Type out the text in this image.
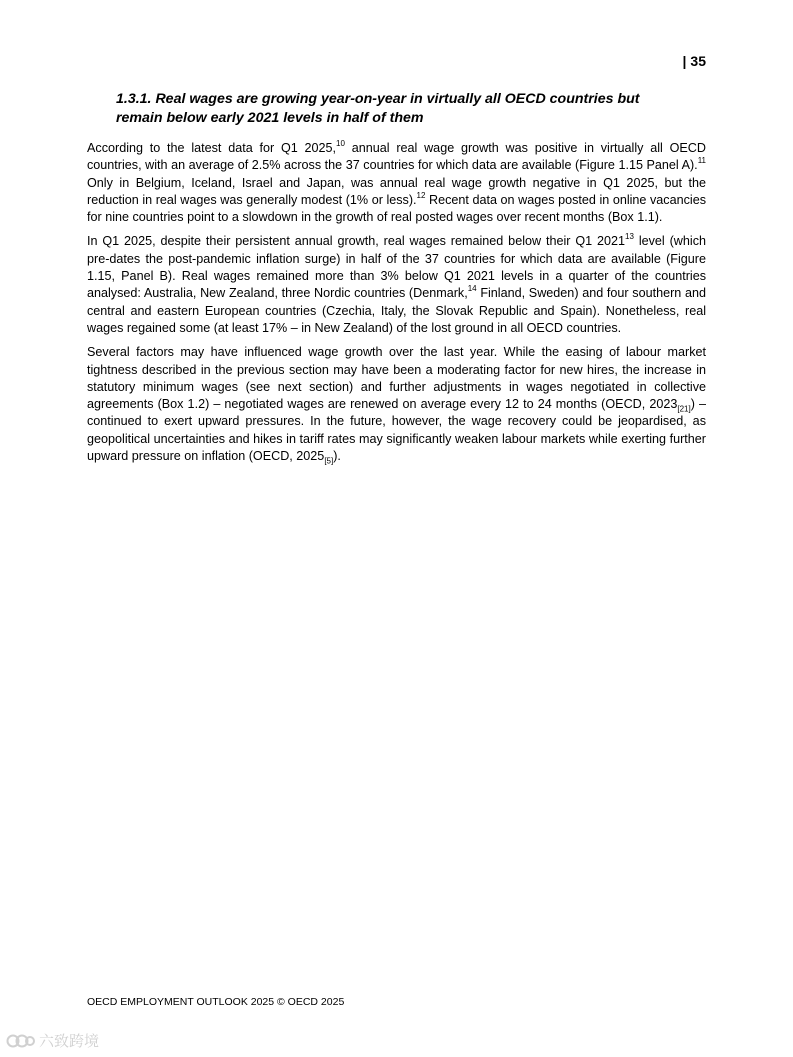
| 35
1.3.1. Real wages are growing year-on-year in virtually all OECD countries but remain below early 2021 levels in half of them

According to the latest data for Q1 2025,10 annual real wage growth was positive in virtually all OECD countries, with an average of 2.5% across the 37 countries for which data are available (Figure 1.15 Panel A).$^{11}$ Only in Belgium, Iceland, Israel and Japan, was annual real wage growth negative in Q1 2025, but the reduction in real wages was generally modest (1% or less).$^{12}$ Recent data on wages posted in online vacancies for nine countries point to a slowdown in the growth of real posted wages over recent months (Box 1.1).

In Q1 2025, despite their persistent annual growth, real wages remained below their Q1 2021$^{13}$ level (which pre-dates the post-pandemic inflation surge) in half of the 37 countries for which data are available (Figure 1.15, Panel B). Real wages remained more than 3% below Q1 2021 levels in a quarter of the countries analysed: Australia, New Zealand, three Nordic countries (Denmark,$^{14}$ Finland, Sweden) and four southern and central and eastern European countries (Czechia, Italy, the Slovak Republic and Spain). Nonetheless, real wages regained some (at least 17% – in New Zealand) of the lost ground in all OECD countries.

Several factors may have influenced wage growth over the last year. While the easing of labour market tightness described in the previous section may have been a moderating factor for new hires, the increase in statutory minimum wages (see next section) and further adjustments in wages negotiated in collective agreements (Box 1.2) – negotiated wages are renewed on average every 12 to 24 months (OECD, $2023_{[21]}$) – continued to exert upward pressures. In the future, however, the wage recovery could be jeopardised, as geopolitical uncertainties and hikes in tariff rates may significantly weaken labour markets while exerting further upward pressure on inflation (OECD, $2025_{[5]}$).

OECD EMPLOYMENT OUTLOOK 2025 © OECD 2025
六致跨境
